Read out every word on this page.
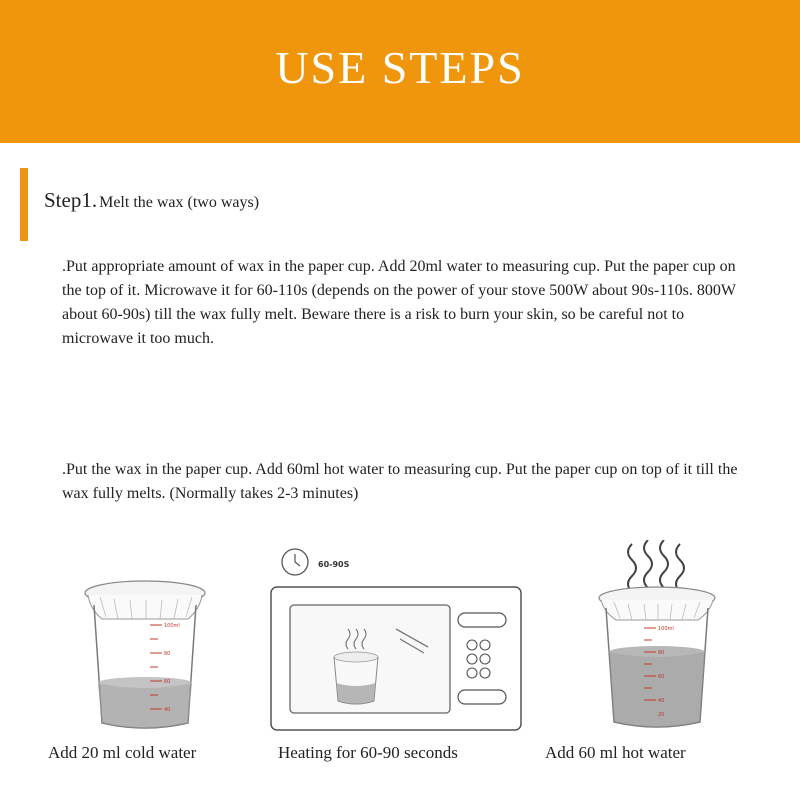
USE STEPS
Step1. Melt the wax (two ways)
.Put appropriate amount of wax in the paper cup. Add 20ml water to measuring cup. Put the paper cup on the top of it. Microwave it for 60-110s (depends on the power of your stove 500W about 90s-110s. 800W about 60-90s) till the wax fully melt. Beware there is a risk to burn your skin, so be careful not to microwave it too much.
.Put the wax in the paper cup. Add 60ml hot water to measuring cup. Put the paper cup on top of it till the wax fully melts. (Normally takes 2-3 minutes)
100ml
80
60
40
60-90S
100ml
80
60
40
20
Add 20 ml cold water	Heating for 60-90 seconds	Add 60 ml hot water
